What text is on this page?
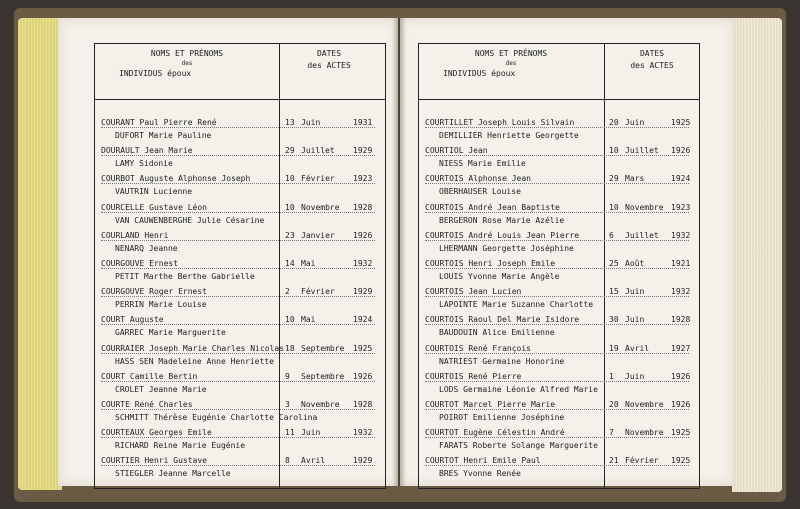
NOMS ET PRÉNOMS
des
INDIVIDUS époux
DATES
des ACTES
COURANT Paul Pierre René
DUFORT Marie Pauline
13 Juin	1931
DOURAULT Jean Marie
LAMY Sidonie
29 Juillet 1929
COURBOT Auguste Alphonse Joseph
VAUTRIN Lucienne
10 Février 1923
COURCELLE Gustave Léon
VAN CAUWENBERGHE Julie Césarine
10 Novembre 1928
COURLAND Henri
NENARQ Jeanne
23 Janvier 1926
COURGOUVE Ernest
PETIT Marthe Berthe Gabrielle
14 Mai	1932
COURGOUVE Roger Ernest
PERRIN Marie Louise
2 Février 1929
COURT Auguste
GARREC Marie Marguerite
10 Mai	1924
COURRAIER Joseph Marie Charles Nicolas
HASS SEN Madeleine Anne Henriette
18 Septembre 1925
COURT Camille Bertin
CROLET Jeanne Marie
9 Septembre 1926
COURTE René Charles
SCHMITT Thérèse Eugénie Charlotte Carolina
3 Novembre 1928
COURTEAUX Georges Emile
RICHARD Reine Marie Eugénie
11 Juin	1932
COURTIER Henri Gustave
STIEGLER Jeanne Marcelle
8 Avril	1929
NOMS ET PRÉNOMS
des
INDIVIDUS époux
DATES
des ACTES
COURTILLET Joseph Louis Silvain
DEMILLIER Henriette Georgette
20 Juin	1925
COURTIOL Jean
NIESS Marie Emilie
10 Juillet 1926
COURTOIS Alphonse Jean
OBERHAUSER Louise
29 Mars	1924
COURTOIS André Jean Baptiste
BERGERON Rose Marie Azélie
10 Novembre 1923
COURTOIS André Louis Jean Pierre
LHERMANN Georgette Joséphine
6 Juillet 1932
COURTOIS Henri Joseph Emile
LOUIS Yvonne Marie Angèle
25 Août	1921
COURTOIS Jean Lucien
LAPOINTE Marie Suzanne Charlotte
15 Juin	1932
COURTOIS Raoul Del Marie Isidore
BAUDOUIN Alice Emilienne
30 Juin	1928
COURTOIS René François
NATRIEST Germaine Honorine
19 Avril	1927
COURTOIS René Pierre
LODS Germaine Léonie Alfred Marie
1 Juin	1926
COURTOT Marcel Pierre Marie
POIROT Emilienne Joséphine
20 Novembre 1926
COURTOT Eugène Célestin André
FARATS Roberte Solange Marguerite
7 Novembre 1925
COURTOT Henri Emile Paul
BRES Yvonne Renée
21 Février 1925
